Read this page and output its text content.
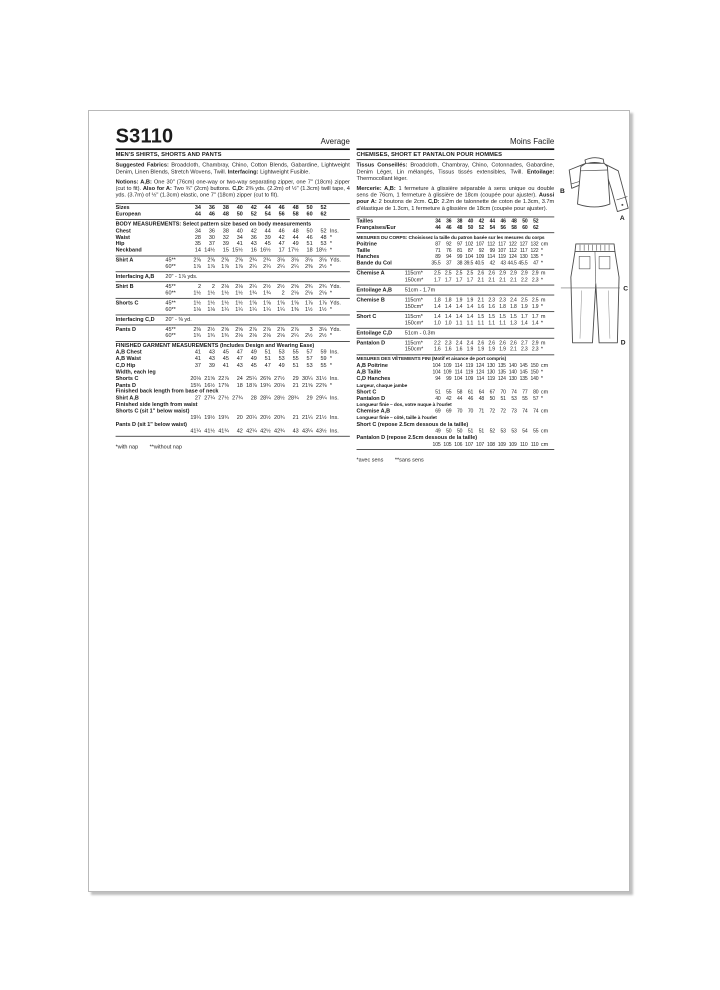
S3110	Average
MEN'S SHIRTS, SHORTS AND PANTS
Suggested Fabrics: Broadcloth, Chambray, Chino, Cotton Blends, Gabardine, Lightweight Denim, Linen Blends, Stretch Wovens, Twill. Interfacing: Lightweight Fusible.
Notions: A,B: One 30" (76cm) one-way or two-way separating zipper, one 7" (18cm) zipper (cut to fit). Also for A: Two ¾" (2cm) buttons. C,D: 2⅜ yds. (2.2m) of ½" (1.3cm) twill tape, 4 yds. (3.7m) of ½" (1.3cm) elastic, one 7" (18cm) zipper (cut to fit).
Sizes	34	36	38	40	42	44	46	48	50	52
European	44	46	48	50	52	54	56	58	60	62
BODY MEASUREMENTS: Select pattern size based on body measurements
Chest	34	36	38	40	42	44	46	48	50	52 Ins.
Waist	28	30	32	34	36	39	42	44	46	48 *
Hip	35	37	39	41	43	45	47	49	51	53 *
Neckband	14 14½	15 15½	16 16½	17 17½	18 18½ *
Shirt A	45**	2⅝ 2⅝ 2⅝ 2⅝ 2¾ 2¾ 3⅛ 3⅛ 3⅛ 3⅛ Yds.
60**	1⅞ 1⅞ 1⅞ 1⅞ 2¼ 2¼ 2¼ 2¼ 2⅜ 2½ *
Interfacing A,B	20" - 1⅞ yds.
Shirt B	45**	2	2 2⅛ 2⅛ 2¼ 2½ 2½ 2⅝ 2¾ 2¾ Yds.
60**	1½ 1½ 1½ 1½ 1¾ 1¾	2 2⅛ 2⅛ 2⅛ *
Shorts C	45**	1½ 1½ 1½ 1½ 1⅝ 1⅝ 1⅝ 1⅝ 1⅞ 1⅞ Yds.
60**	1⅛ 1⅛ 1¼ 1¼ 1¼ 1¼ 1¼ 1⅜ 1½ 1½ *
Interfacing C,D	20" - ⅜ yd.
Pants D	45**	2⅜ 2½ 2⅝ 2⅝ 2⅞ 2⅞ 2⅞ 2⅞	3 3⅛ Yds.
60**	1¾ 1¾ 1¾ 2⅛ 2⅛ 2⅛ 2⅛ 2¼ 2½ 2½ *
FINISHED GARMENT MEASUREMENTS (Includes Design and Wearing Ease)
A,B Chest	41	43	45	47	49	51	53	55	57	59 Ins.
A,B Waist	41	43	45	47	49	51	53	55	57	59 *
C,D Hip	37	39	41	43	45	47	49	51	53	55 *
Width, each leg
Shorts C	20⅛ 21⅝ 22⅞	24 25¼ 26⅜ 27½	29 30¼ 31½ Ins.
Pants D	15¾ 16½ 17⅜	18 18⅞ 19¾ 20⅛	21 21⅝ 22⅜ *
Finished back length from base of neck
Shirt A,B	27 27¼ 27½ 27¾	28 28¼ 28½ 28¾	29 29¼ Ins.
Finished side length from waist
Shorts C (sit 1" below waist)
19¼ 19½ 19¾	20 20¼ 20½ 20¾	21 21¼ 21½ Ins.
Pants D (sit 1" below waist)
41¼ 41½ 41¾	42 42¼ 42½ 42¾	43 43¼ 43½ Ins.
*with nap **without nap
Moins Facile
CHEMISES, SHORT ET PANTALON POUR HOMMES
Tissus Conseillés: Broadcloth, Chambray, Chino, Cotonnades, Gabardine, Denim Léger, Lin mélangés, Tissus tissés extensibles, Twill. Entoilage: Thermocollant léger.
Mercerie: A,B: 1 fermeture à glissière séparable à sens unique ou double sens de 76cm, 1 fermeture à glissière de 18cm (coupée pour ajuster). Aussi pour A: 2 boutons de 2cm. C,D: 2.2m de talonnette de coton de 1.3cm, 3.7m d'élastique de 1.3cm, 1 fermeture à glissière de 18cm (coupée pour ajuster).
Tailles	34 36 38 40 42 44 46 48 50 52
Françaises/Eur	44 46 48 50 52 54 56 58 60 62
MESURES DU CORPS: Choisissez la taille du patron basée sur les mesures du corps
Poitrine	87 92 97 102 107 112 117 122 127 132 cm
Taille	71 76 81 87 92 99 107 112 117 122 *
Hanches	89 94 99 104 109 114 119 124 130 135 *
Bande du Col	35.5 37 38 39.5 40.5 42 43 44.5 45.5 47 *
Chemise A	115cm*	2.5 2.5 2.5 2.5 2.6 2.6 2.9 2.9 2.9 2.9 m
150cm*	1.7 1.7 1.7 1.7 2.1 2.1 2.1 2.1 2.2 2.3 *
Entoilage A,B	51cm - 1.7m
Chemise B	115cm*	1.8 1.8 1.9 1.9 2.1 2.3 2.3 2.4 2.5 2.5 m
150cm*	1.4 1.4 1.4 1.4 1.6 1.6 1.8 1.8 1.9 1.9 *
Short C	115cm*	1.4 1.4 1.4 1.4 1.5 1.5 1.5 1.5 1.7 1.7 m
150cm*	1.0 1.0 1.1 1.1 1.1 1.1 1.1 1.3 1.4 1.4 *
Entoilage C,D	51cm - 0.3m
Pantalon D	115cm*	2.2 2.3 2.4 2.4 2.6 2.6 2.6 2.6 2.7 2.9 m
150cm*	1.6 1.6 1.6 1.9 1.9 1.9 1.9 2.1 2.3 2.3 *
MESURES DES VÊTEMENTS FINI (Motif et aisance de port compris)
A,B Poitrine	104 109 114 119 124 130 135 140 145 150 cm
A,B Taille	104 109 114 119 124 130 135 140 145 150 *
C,D Hanches	94 99 104 109 114 119 124 130 135 140 *
Largeur, chaque jambe
Short C	51 55 58 61 64 67 70 74 77 80 cm
Pantalon D	40 42 44 46 48 50 51 53 55 57 *
Longueur finie – dos, votre nuque à l'ourlet
Chemise A,B	69 69 70 70 71 72 72 73 74 74 cm
Longueur finie – côté, taille à l'ourlet
Short C (repose 2.5cm dessous de la taille)
49 50 50 51 51 52 53 53 54 55 cm
Pantalon D (repose 2.5cm dessous de la taille)
105 105 106 107 107 108 109 109 110 110 cm
*avec sens **sans sens
B
A
C
D
